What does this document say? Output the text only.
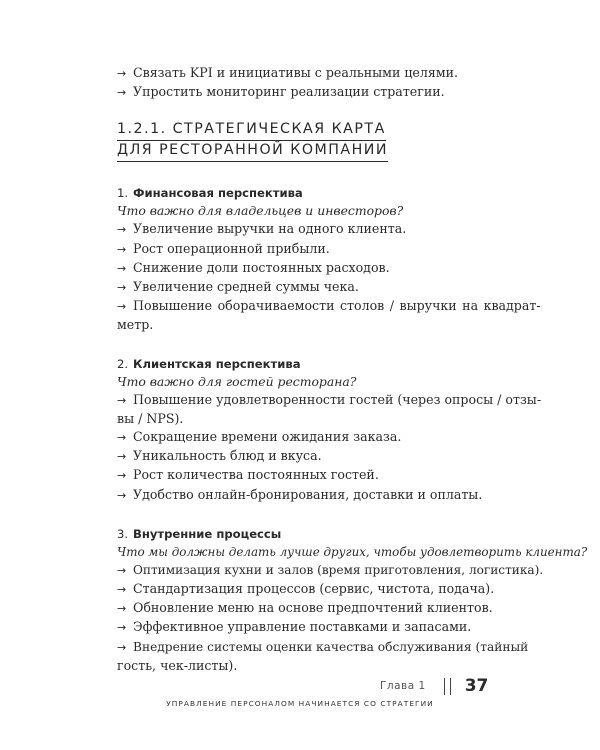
→ Связать KPI и инициативы с реальными целями.
→ Упростить мониторинг реализации стратегии.
1.2.1. СТРАТЕГИЧЕСКАЯ КАРТА
ДЛЯ РЕСТОРАННОЙ КОМПАНИИ
1. Финансовая перспектива
Что важно для владельцев и инвесторов?
→ Увеличение выручки на одного клиента.
→ Рост операционной прибыли.
→ Снижение доли постоянных расходов.
→ Увеличение средней суммы чека.
→ Повышение оборачиваемости столов / выручки на квадрат-
метр.
2. Клиентская перспектива
Что важно для гостей ресторана?
→ Повышение удовлетворенности гостей (через опросы / отзы-
вы / NPS).
→ Сокращение времени ожидания заказа.
→ Уникальность блюд и вкуса.
→ Рост количества постоянных гостей.
→ Удобство онлайн-бронирования, доставки и оплаты.
3. Внутренние процессы
Что мы должны делать лучше других, чтобы удовлетворить клиента?
→ Оптимизация кухни и залов (время приготовления, логистика).
→ Стандартизация процессов (сервис, чистота, подача).
→ Обновление меню на основе предпочтений клиентов.
→ Эффективное управление поставками и запасами.
→ Внедрение системы оценки качества обслуживания (тайный
гость, чек-листы).
Глава 1 37
УПРАВЛЕНИЕ ПЕРСОНАЛОМ НАЧИНАЕТСЯ СО СТРАТЕГИИ
